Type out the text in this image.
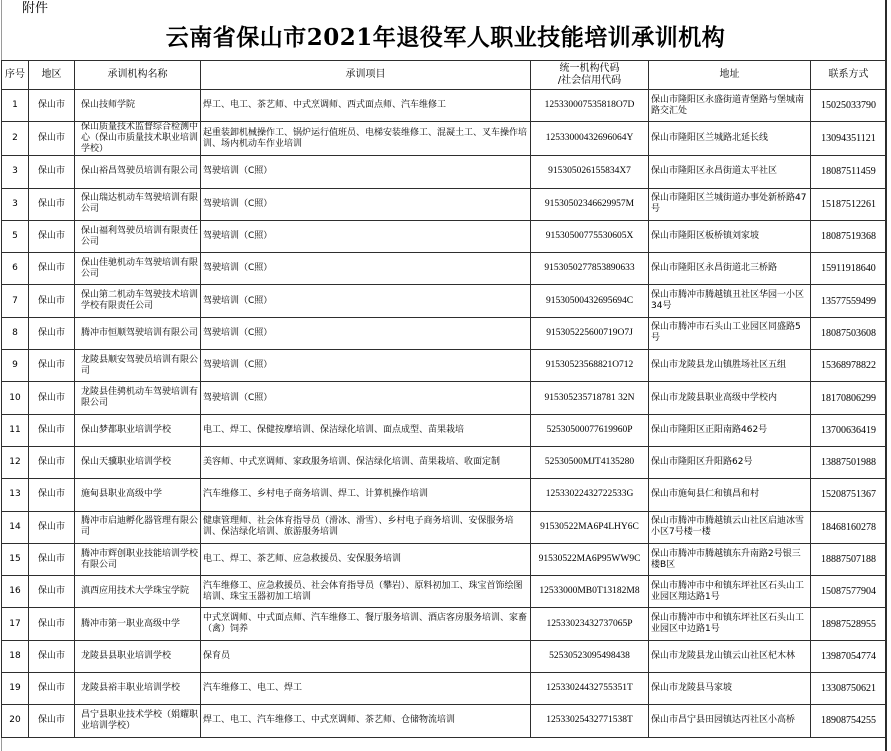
附件
云南省保山市2021年退役军人职业技能培训承训机构
序号	地区	承训机构名称	承训项目	统一机构代码
/社会信用代码	地址	联系方式
1	保山市	保山技师学院	焊工、电工、茶艺师、中式烹调师、西式面点师、汽车维修工	125330007535818O7D	保山市隆阳区永盛街道青堡路与堡城南路交汇处	15025033790
2	保山市	保山质量技术监督综合检测中心（保山市质量技术职业培训学校）	起重装卸机械操作工、锅炉运行值班员、电梯安装维修工、混凝土工、叉车操作培训、场内机动车作业培训	12533000432696064Y	保山市隆阳区兰城路北延长线	13094351121
3	保山市	保山裕昌驾驶员培训有限公司	驾驶培训（C照）	915305026155834X7	保山市隆阳区永昌街道太平社区	18087511459
3	保山市	保山瑞达机动车驾驶培训有限公司	驾驶培训（C照）	91530502346629957M	保山市隆阳区兰城街道办事处新桥路47号	15187512261
5	保山市	保山福利驾驶员培训有限责任公司	驾驶培训（C照）	91530500775530605X	保山市隆阳区板桥镇刘家坡	18087519368
6	保山市	保山佳驰机动车驾驶培训有限公司	驾驶培训（C照）	9153050277853890633	保山市隆阳区永昌街道北三桥路	15911918640
7	保山市	保山第二机动车驾驶技术培训学校有限责任公司	驾驶培训（C照）	91530500432695694C	保山市腾冲市腾越镇丑社区华园一小区34号	13577559499
8	保山市	腾冲市恒顺驾驶培训有限公司	驾驶培训（C照）	915305225600719O7J	保山市腾冲市石头山工业园区同盛路5号	18087503608
9	保山市	龙陵县顺安驾驶员培训有限公司	驾驶培训（C照）	91530523568821O712	保山市龙陵县龙山镇胜场社区五组	15368978822
10	保山市	龙陵县佳骋机动车驾驶培训有限公司	驾驶培训（C照）	915305235718781 32N	保山市龙陵县职业高级中学校内	18170806299
11	保山市	保山梦都职业培训学校	电工、焊工、保健按摩培训、保洁绿化培训、面点成型、苗果栽培	52530500077619960P	保山市隆阳区正阳南路462号	13700636419
12	保山市	保山天骥职业培训学校	美容师、中式烹调师、家政服务培训、保洁绿化培训、苗果栽培、收面定制	52530500MJT4135280	保山市隆阳区升阳路62号	13887501988
13	保山市	施甸县职业高级中学	汽车维修工、乡村电子商务培训、焊工、计算机操作培训	12533022432722533G	保山市施甸县仁和镇昌和村	15208751367
14	保山市	腾冲市启迪孵化器管理有限公司	健康管理师、社会体育指导员（滑冰、滑雪）、乡村电子商务培训、安保服务培训、保洁绿化培训、旅游服务培训	91530522MA6P4LHY6C	保山市腾冲市腾越镇云山社区启迪冰雪小区7号楼一楼	18468160278
15	保山市	腾冲市辉创职业技能培训学校有限公司	电工、焊工、茶艺师、应急救援员、安保服务培训	91530522MA6P95WW9C	保山市腾冲市腾越镇东升南路2号银三楼B区	18887507188
16	保山市	滇西应用技术大学珠宝学院	汽车维修工、应急救援员、社会体育指导员（攀岩）、原料初加工、珠宝首饰绘图培训、珠宝玉器初加工培训	12533000MB0T13182M8	保山市腾冲市中和镇东坪社区石头山工业园区翔达路1号	15087577904
17	保山市	腾冲市第一职业高级中学	中式烹调师、中式面点师、汽车维修工、餐厅服务培训、酒店客房服务培训、家畜（禽）饲养	12533023432737065P	保山市腾冲市中和镇东坪社区石头山工业园区中边路1号	18987528955
18	保山市	龙陵县县职业培训学校	保育员	52530523095498438	保山市龙陵县龙山镇云山社区杞木林	13987054774
19	保山市	龙陵县裕丰职业培训学校	汽车维修工、电工、焊工	12533024432755351T	保山市龙陵县马家坡	13308750621
20	保山市	昌宁县职业技术学校（娟耀职业培训学校）	焊工、电工、汽车维修工、中式烹调师、茶艺师、仓储物流培训	12533025432771538T	保山市昌宁县田园镇达丙社区小高桥	18908754255
